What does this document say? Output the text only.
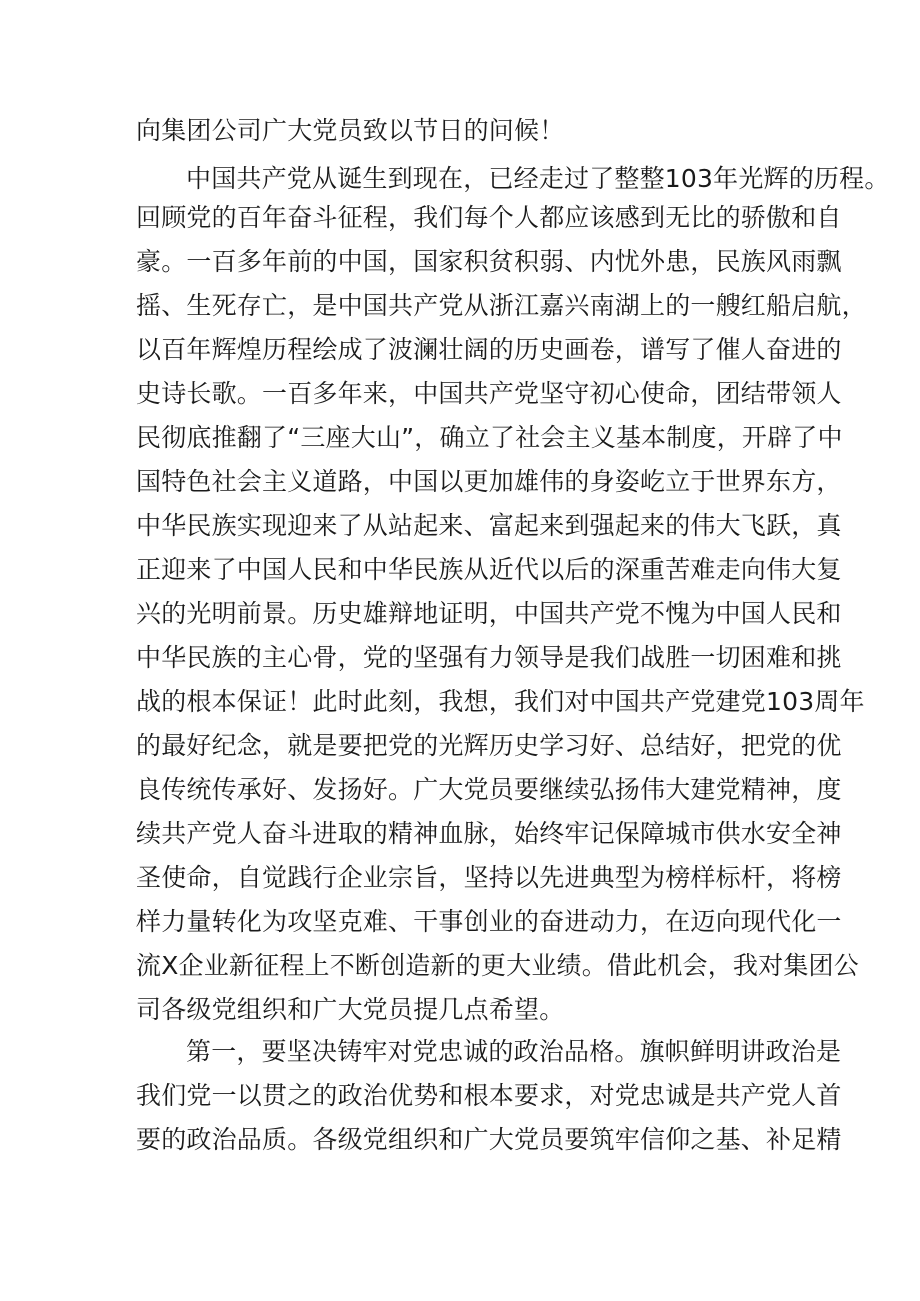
向集团公司广大党员致以节日的问候！
中国共产党从诞生到现在，已经走过了整整103年光辉的历程。
回顾党的百年奋斗征程，我们每个人都应该感到无比的骄傲和自
豪。一百多年前的中国，国家积贫积弱、内忧外患，民族风雨飘
摇、生死存亡，是中国共产党从浙江嘉兴南湖上的一艘红船启航，
以百年辉煌历程绘成了波澜壮阔的历史画卷，谱写了催人奋进的
史诗长歌。一百多年来，中国共产党坚守初心使命，团结带领人
民彻底推翻了“三座大山”，确立了社会主义基本制度，开辟了中
国特色社会主义道路，中国以更加雄伟的身姿屹立于世界东方，
中华民族实现迎来了从站起来、富起来到强起来的伟大飞跃，真
正迎来了中国人民和中华民族从近代以后的深重苦难走向伟大复
兴的光明前景。历史雄辩地证明，中国共产党不愧为中国人民和
中华民族的主心骨，党的坚强有力领导是我们战胜一切困难和挑
战的根本保证！此时此刻，我想，我们对中国共产党建党103周年
的最好纪念，就是要把党的光辉历史学习好、总结好，把党的优
良传统传承好、发扬好。广大党员要继续弘扬伟大建党精神，度
续共产党人奋斗进取的精神血脉，始终牢记保障城市供水安全神
圣使命，自觉践行企业宗旨，坚持以先进典型为榜样标杆，将榜
样力量转化为攻坚克难、干事创业的奋进动力，在迈向现代化一
流X企业新征程上不断创造新的更大业绩。借此机会，我对集团公
司各级党组织和广大党员提几点希望。
第一，要坚决铸牢对党忠诚的政治品格。旗帜鲜明讲政治是
我们党一以贯之的政治优势和根本要求，对党忠诚是共产党人首
要的政治品质。各级党组织和广大党员要筑牢信仰之基、补足精
